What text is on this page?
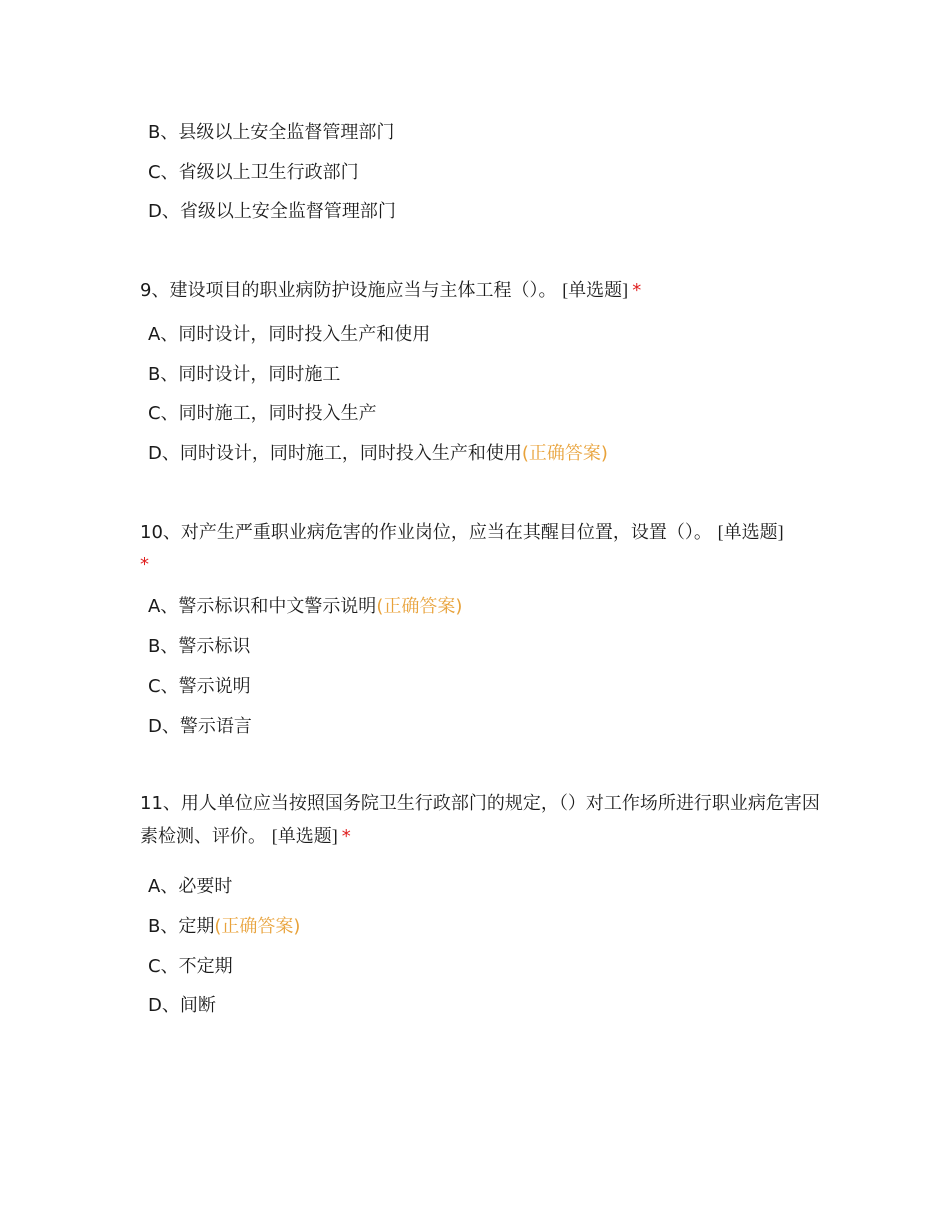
B、县级以上安全监督管理部门
C、省级以上卫生行政部门
D、省级以上安全监督管理部门
9、建设项目的职业病防护设施应当与主体工程（）。 [单选题] *
A、同时设计，同时投入生产和使用
B、同时设计，同时施工
C、同时施工，同时投入生产
D、同时设计，同时施工，同时投入生产和使用(正确答案)
10、对产生严重职业病危害的作业岗位，应当在其醒目位置，设置（）。 [单选题]
*
A、警示标识和中文警示说明(正确答案)
B、警示标识
C、警示说明
D、警示语言
11、用人单位应当按照国务院卫生行政部门的规定，（）对工作场所进行职业病危害因素检测、评价。 [单选题] *
A、必要时
B、定期(正确答案)
C、不定期
D、间断
